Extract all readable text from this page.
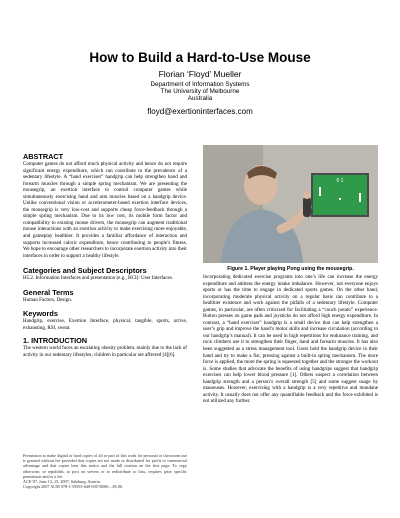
How to Build a Hard-to-Use Mouse
Florian ‘Floyd’ Mueller
Department of Information Systems
The University of Melbourne
Australia
floyd@exertioninterfaces.com
ABSTRACT

Computer games do not afford much physical activity and hence do not require significant energy expenditure, which can contribute to the prevalence of a sedentary lifestyle. A “hand exerciser” handgrip can help strengthen hand and forearm muscles through a simple spring mechanism. We are presenting the mousegrip, an exertion interface to control computer games while simultaneously exercising hand and arm muscles based on a handgrip device. Unlike conventional vision or accelerometer-based exertion interface devices, the mousegrip is very low-cost and supports cheap force-feedback through a simple spring mechanism. Due to its low cost, its mobile form factor and compatibility to existing mouse drivers, the mousegrip can augment traditional mouse interactions with an exertion activity to make exercising more enjoyable, and gameplay healthier. It provides a familiar affordance of interaction and supports increased caloric expenditure, hence contributing to people’s fitness. We hope to encourage other researchers to incorporate exertion activity into their interfaces in order to support a healthy lifestyle.

Categories and Subject Descriptors

H5.2. Information Interfaces and presentation (e.g., HCI): User Interfaces.

General Terms

Human Factors, Design.

Keywords

Handgrip, exercise, Exertion Interface, physical, tangible, sports, active, exhausting, RSI, sweat.

1. INTRODUCTION

The western world faces an escalating obesity problem, mainly due to the lack of activity in our sedentary lifestyles; children in particular are affected [4][6].

Permission to make digital or hard copies of all or part of this work for personal or classroom use is granted without fee provided that copies are not made or distributed for profit or commercial advantage and that copies bear this notice and the full citation on the first page. To copy otherwise, or republish, to post on servers or to redistribute to lists, requires prior specific permission and/or a fee.
ACE’07, June 13–15, 2007, Salzburg, Austria.
Copyright 2007 ACM 978-1-59593-640-0/07/0006…$5.00.
0 1
Figure 1. Player playing Pong using the mousegrip.

Incorporating dedicated exercise programs into one’s life can increase the energy expenditure and address the energy intake imbalance. However, not everyone enjoys sports or has the time to engage in dedicated sports games. On the other hand, incorporating moderate physical activity on a regular basis can contribute to a healthier existence and work against the pitfalls of a sedentary lifestyle. Computer games, in particular, are often criticized for facilitating a “couch potato” experience. Button presses on game pads and joysticks do not afford high energy expenditure. In contrast, a “hand exerciser” handgrip is a small device that can help strengthen a user’s grip and improve the hand’s motor skills and increase circulation (according to our handgrip’s manual). It can be used in high repetitions for endurance training, and rock climbers use it to strengthen their finger, hand and forearm muscles. It has also been suggested as a stress management tool. Users hold the handgrip device in their hand and try to make a fist, pressing against a built-in spring mechanism. The more force is applied, the more the spring is squeezed together and the stronger the workout is. Some studies that advocate the benefits of using handgrips suggest that handgrip exercises can help lower blood pressure [1]. Others suspect a correlation between handgrip strength and a person’s overall strength [5] and some suggest usage by masseuses. However, exercising with a handgrip is a very repetitive and mundane activity. It usually does not offer any quantifiable feedback and the force exhibited is not utilized any further.
